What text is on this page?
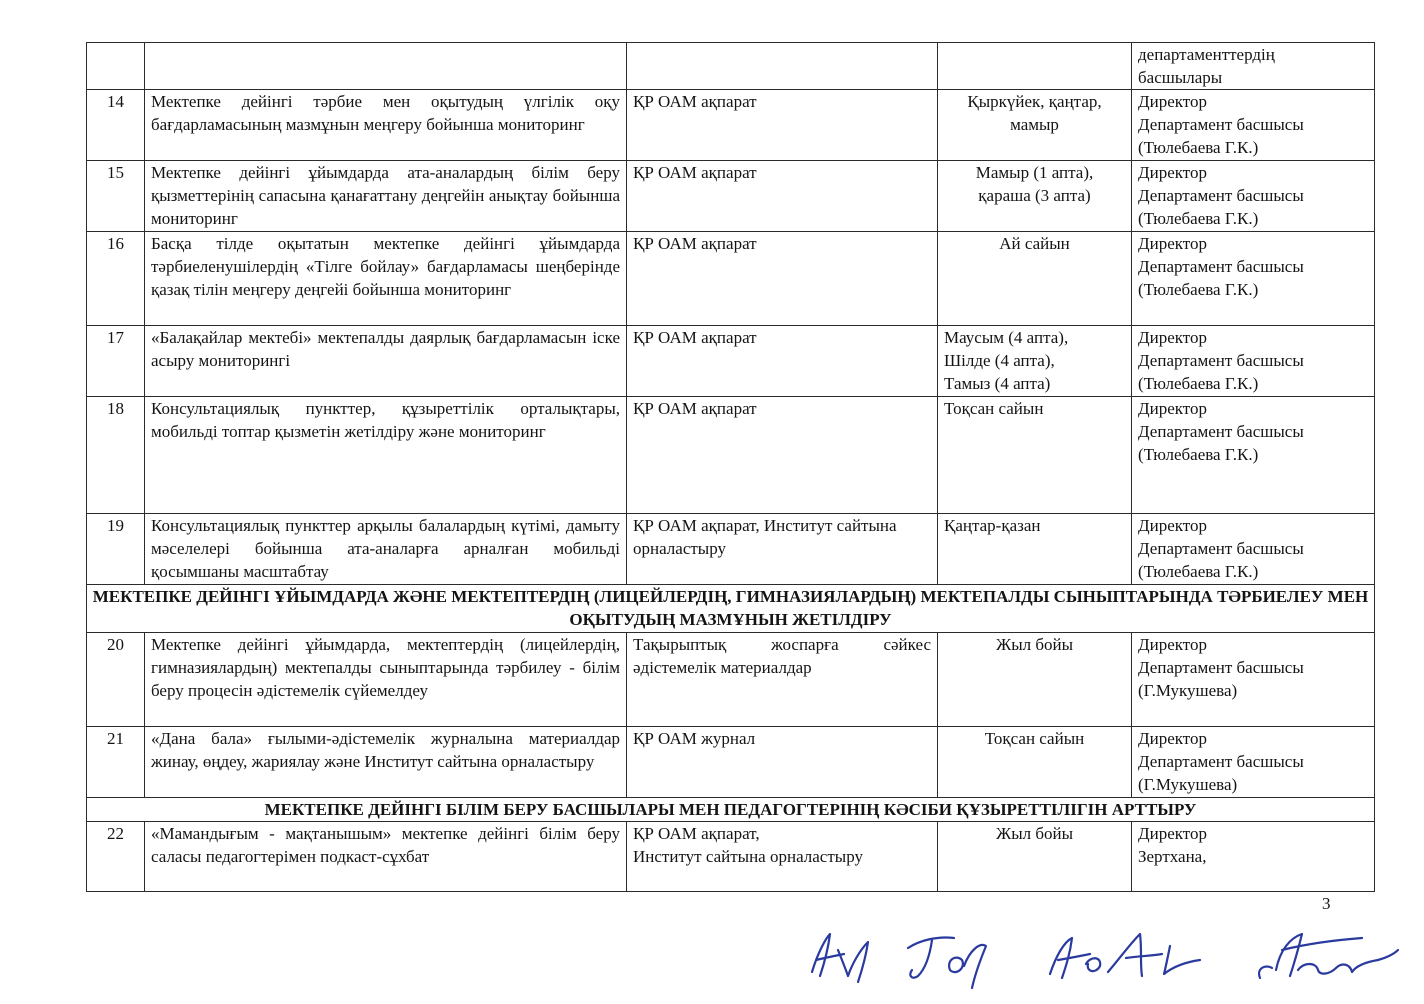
				департаменттердің
басшылары

14	Мектепке дейінгі тәрбие мен оқытудың үлгілік оқу бағдарламасының мазмұнын меңгеру бойынша мониторинг	ҚР ОАМ ақпарат	Қыркүйек, қаңтар,
мамыр	Директор
Департамент басшысы
(Тюлебаева Г.К.)

15	Мектепке дейінгі ұйымдарда ата-аналардың білім беру қызметтерінің сапасына қанағаттану деңгейін анықтау бойынша мониторинг	ҚР ОАМ ақпарат	Мамыр (1 апта),
қараша (3 апта)	Директор
Департамент басшысы
(Тюлебаева Г.К.)

16	Басқа тілде оқытатын мектепке дейінгі ұйымдарда тәрбиеленушілердің «Тілге бойлау» бағдарламасы шеңберінде қазақ тілін меңгеру деңгейі бойынша мониторинг	ҚР ОАМ ақпарат	Ай сайын	Директор
Департамент басшысы
(Тюлебаева Г.К.)

17	«Балақайлар мектебі» мектепалды даярлық бағдарламасын іске асыру мониторингі	ҚР ОАМ ақпарат	Маусым (4 апта),
Шілде (4 апта),
Тамыз (4 апта)	Директор
Департамент басшысы
(Тюлебаева Г.К.)

18	Консультациялық пункттер, құзыреттілік орталықтары, мобильді топтар қызметін жетілдіру және мониторинг	ҚР ОАМ ақпарат	Тоқсан сайын	Директор
Департамент басшысы
(Тюлебаева Г.К.)

19	Консультациялық пункттер арқылы балалардың күтімі, дамыту мәселелері бойынша ата-аналарға арналған мобильді қосымшаны масштабтау	ҚР ОАМ ақпарат, Институт сайтына орналастыру	Қаңтар-қазан	Директор
Департамент басшысы
(Тюлебаева Г.К.)

МЕКТЕПКЕ ДЕЙІНГІ ҰЙЫМДАРДА ЖӘНЕ МЕКТЕПТЕРДІҢ (ЛИЦЕЙЛЕРДІҢ, ГИМНАЗИЯЛАРДЫҢ) МЕКТЕПАЛДЫ СЫНЫПТАРЫНДА ТӘРБИЕЛЕУ МЕН ОҚЫТУДЫҢ МАЗМҰНЫН ЖЕТІЛДІРУ				
20	Мектепке дейінгі ұйымдарда, мектептердің (лицейлердің, гимназиялардың) мектепалды сыныптарында тәрбилеу - білім беру процесін әдістемелік сүйемелдеу	Тақырыптық жоспарға сәйкес әдістемелік материалдар	Жыл бойы	Директор
Департамент басшысы
(Г.Мукушева)

21	«Дана бала» ғылыми-әдістемелік журналына материалдар жинау, өңдеу, жариялау және Институт сайтына орналастыру	ҚР ОАМ журнал	Тоқсан сайын	Директор
Департамент басшысы
(Г.Мукушева)

МЕКТЕПКЕ ДЕЙІНГІ БІЛІМ БЕРУ БАСШЫЛАРЫ МЕН ПЕДАГОГТЕРІНІҢ КӘСІБИ ҚҰЗЫРЕТТІЛІГІН АРТТЫРУ				
22	«Мамандығым - мақтанышым» мектепке дейінгі білім беру саласы педагогтерімен подкаст-сұхбат	ҚР ОАМ ақпарат,
Институт сайтына орналастыру	Жыл бойы	Директор
Зертхана,
3
